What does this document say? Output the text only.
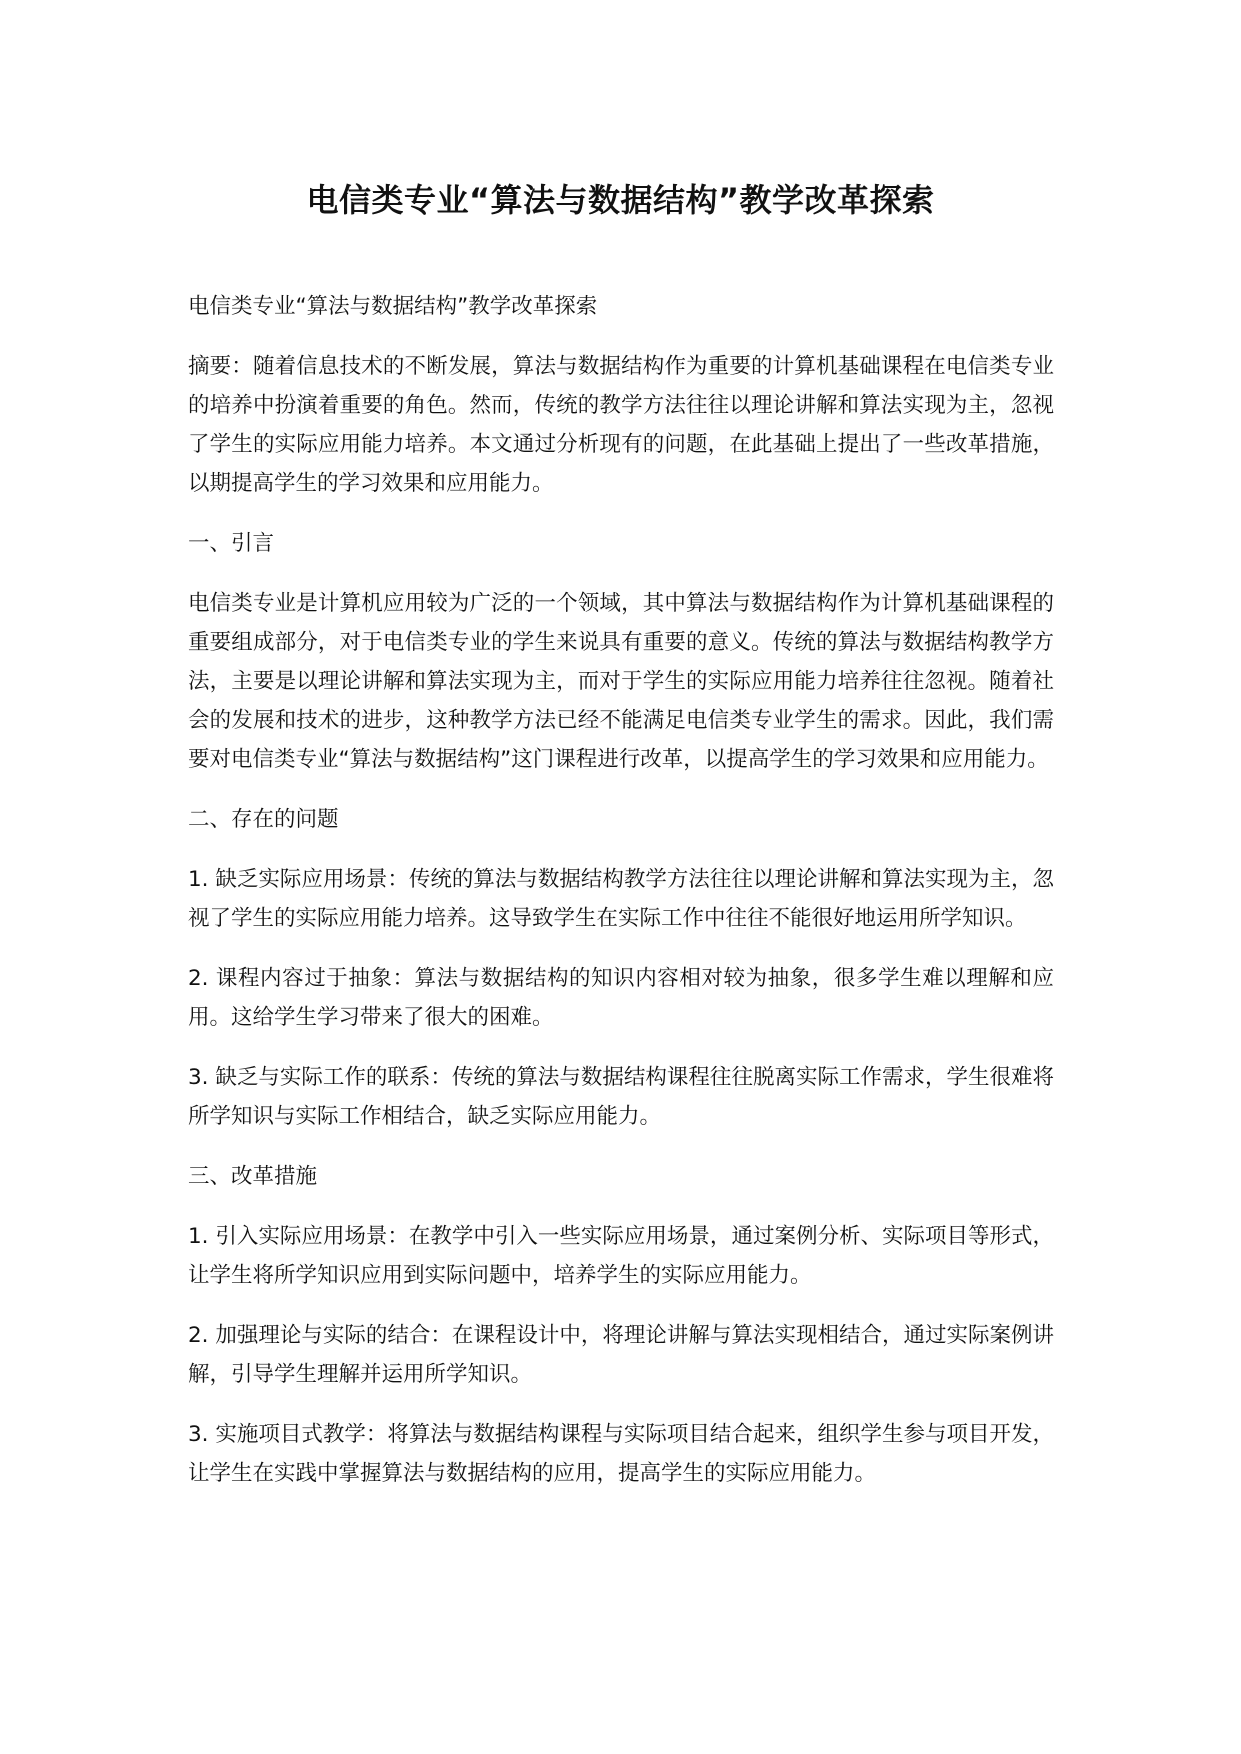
电信类专业“算法与数据结构”教学改革探索

电信类专业“算法与数据结构”教学改革探索

摘要：随着信息技术的不断发展，算法与数据结构作为重要的计算机基础课程在电信类专业的培养中扮演着重要的角色。然而，传统的教学方法往往以理论讲解和算法实现为主，忽视了学生的实际应用能力培养。本文通过分析现有的问题，在此基础上提出了一些改革措施，以期提高学生的学习效果和应用能力。

一、引言

电信类专业是计算机应用较为广泛的一个领域，其中算法与数据结构作为计算机基础课程的重要组成部分，对于电信类专业的学生来说具有重要的意义。传统的算法与数据结构教学方法，主要是以理论讲解和算法实现为主，而对于学生的实际应用能力培养往往忽视。随着社会的发展和技术的进步，这种教学方法已经不能满足电信类专业学生的需求。因此，我们需要对电信类专业“算法与数据结构”这门课程进行改革，以提高学生的学习效果和应用能力。

二、存在的问题

1. 缺乏实际应用场景：传统的算法与数据结构教学方法往往以理论讲解和算法实现为主，忽视了学生的实际应用能力培养。这导致学生在实际工作中往往不能很好地运用所学知识。

2. 课程内容过于抽象：算法与数据结构的知识内容相对较为抽象，很多学生难以理解和应用。这给学生学习带来了很大的困难。

3. 缺乏与实际工作的联系：传统的算法与数据结构课程往往脱离实际工作需求，学生很难将所学知识与实际工作相结合，缺乏实际应用能力。

三、改革措施

1. 引入实际应用场景：在教学中引入一些实际应用场景，通过案例分析、实际项目等形式，让学生将所学知识应用到实际问题中，培养学生的实际应用能力。

2. 加强理论与实际的结合：在课程设计中，将理论讲解与算法实现相结合，通过实际案例讲解，引导学生理解并运用所学知识。

3. 实施项目式教学：将算法与数据结构课程与实际项目结合起来，组织学生参与项目开发，让学生在实践中掌握算法与数据结构的应用，提高学生的实际应用能力。
